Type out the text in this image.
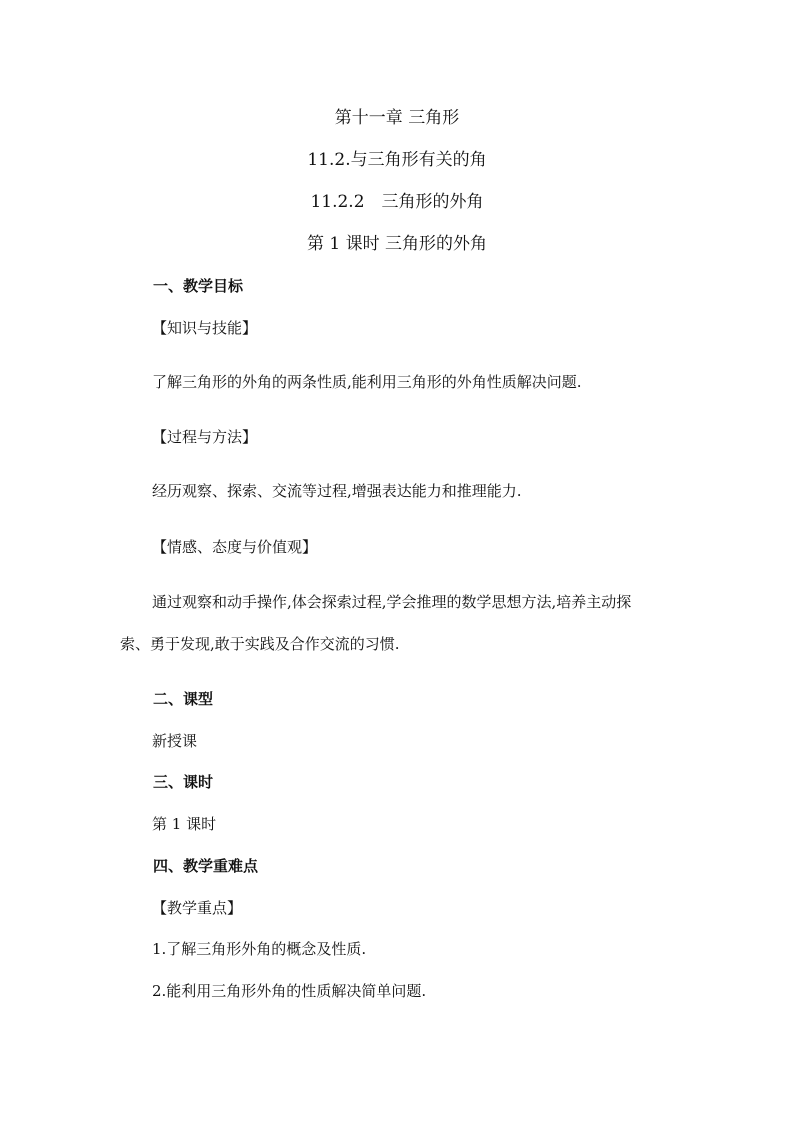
第十一章 三角形
11.2.与三角形有关的角
11.2.2　三角形的外角
第 1 课时 三角形的外角
一、教学目标
【知识与技能】
了解三角形的外角的两条性质,能利用三角形的外角性质解决问题.
【过程与方法】
经历观察、探索、交流等过程,增强表达能力和推理能力.
【情感、态度与价值观】
通过观察和动手操作,体会探索过程,学会推理的数学思想方法,培养主动探
索、勇于发现,敢于实践及合作交流的习惯.
二、课型
新授课
三、课时
第 1 课时
四、教学重难点
【教学重点】
1.了解三角形外角的概念及性质.
2.能利用三角形外角的性质解决简单问题.
